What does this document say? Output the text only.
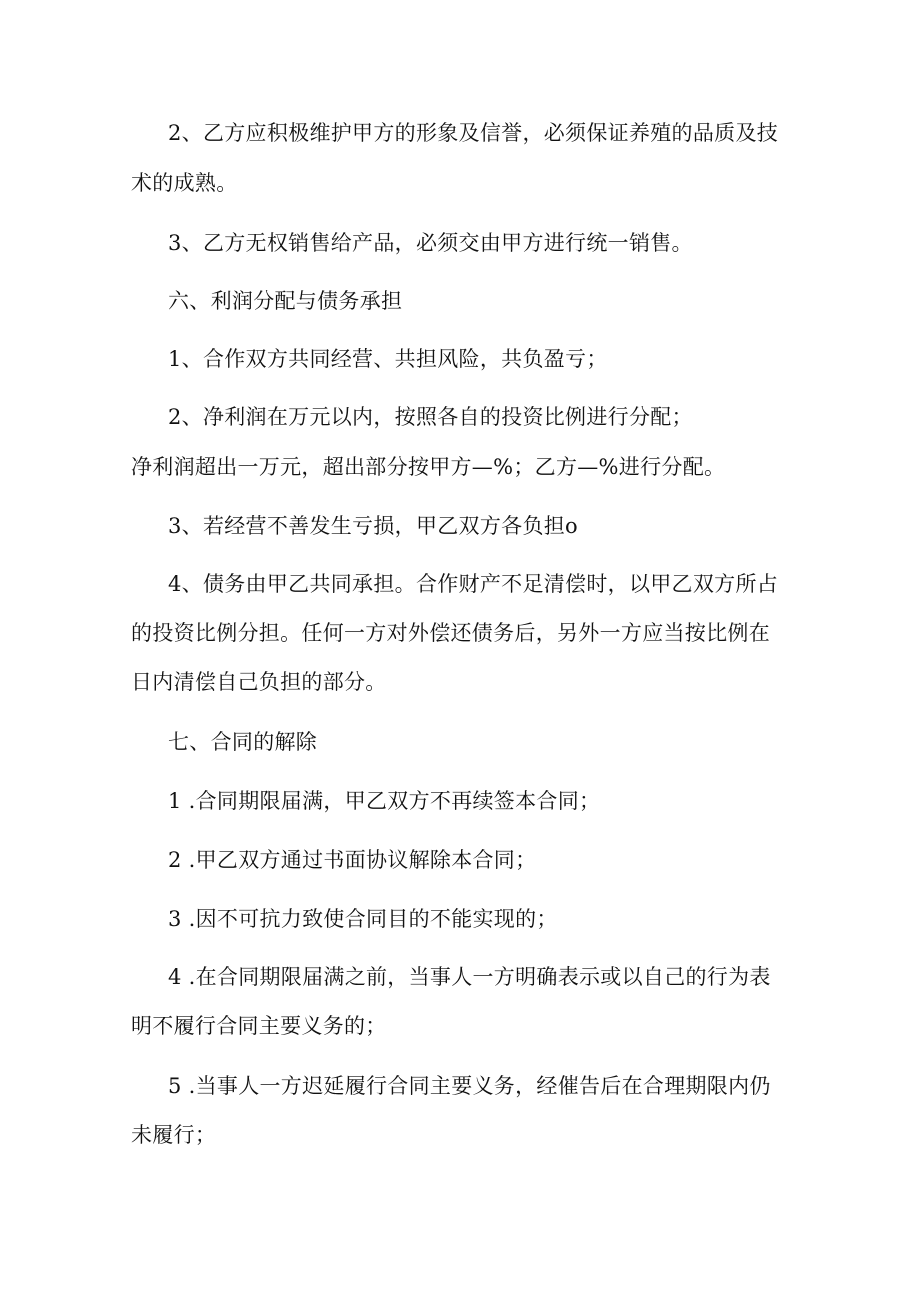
2、乙方应积极维护甲方的形象及信誉，必须保证养殖的品质及技
术的成熟。
3、乙方无权销售给产品，必须交由甲方进行统一销售。
六、利润分配与债务承担
1、合作双方共同经营、共担风险，共负盈亏；
2、净利润在万元以内，按照各自的投资比例进行分配；
净利润超出一万元，超出部分按甲方—%；乙方—%进行分配。
3、若经营不善发生亏损，甲乙双方各负担o
4、债务由甲乙共同承担。合作财产不足清偿时，以甲乙双方所占
的投资比例分担。任何一方对外偿还债务后，另外一方应当按比例在
日内清偿自己负担的部分。
七、合同的解除
1 .合同期限届满，甲乙双方不再续签本合同；
2 .甲乙双方通过书面协议解除本合同；
3 .因不可抗力致使合同目的不能实现的；
4 .在合同期限届满之前，当事人一方明确表示或以自己的行为表
明不履行合同主要义务的；
5 .当事人一方迟延履行合同主要义务，经催告后在合理期限内仍
未履行；
